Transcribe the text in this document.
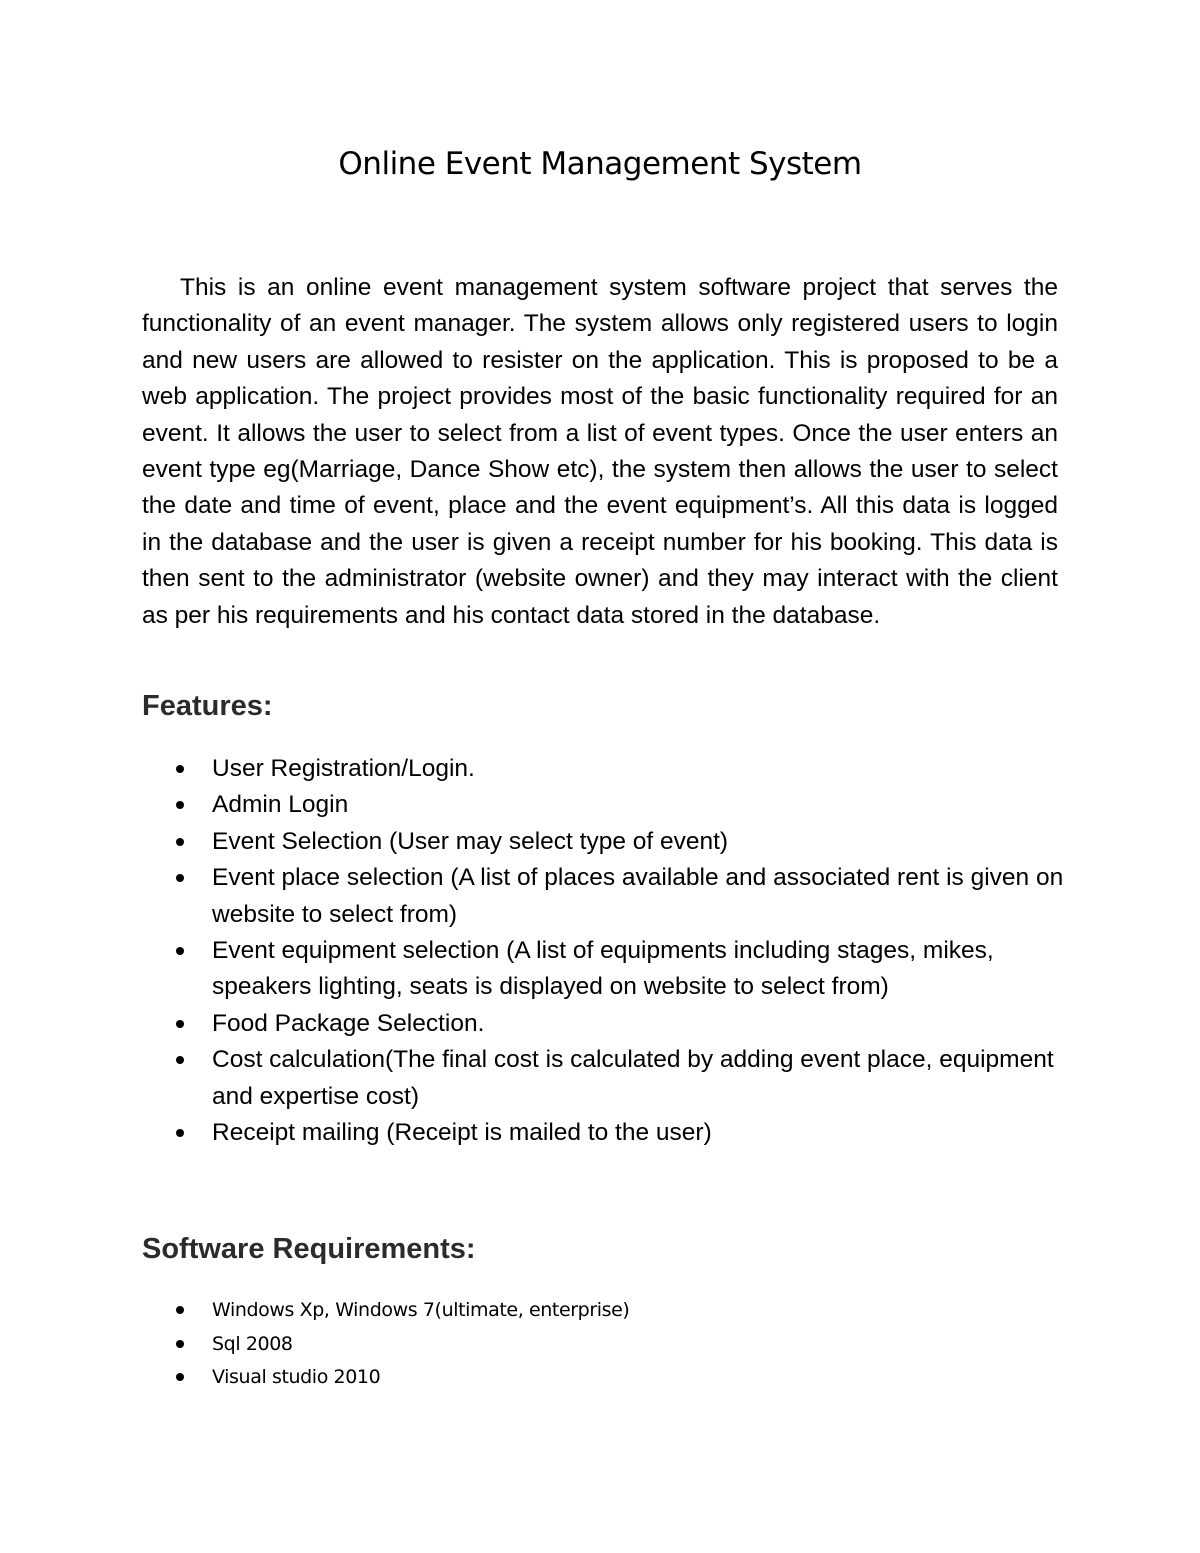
Online Event Management System

This is an online event management system software project that serves the functionality of an event manager. The system allows only registered users to login and new users are allowed to resister on the application. This is proposed to be a web application. The project provides most of the basic functionality required for an event. It allows the user to select from a list of event types. Once the user enters an event type eg(Marriage, Dance Show etc), the system then allows the user to select the date and time of event, place and the event equipment’s. All this data is logged in the database and the user is given a receipt number for his booking. This data is then sent to the administrator (website owner) and they may interact with the client as per his requirements and his contact data stored in the database.

Features:
User Registration/Login.
Admin Login
Event Selection (User may select type of event)
Event place selection (A list of places available and associated rent is given on website to select from)
Event equipment selection (A list of equipments including stages, mikes, speakers lighting, seats is displayed on website to select from)
Food Package Selection.
Cost calculation(The final cost is calculated by adding event place, equipment and expertise cost)
Receipt mailing (Receipt is mailed to the user)
Software Requirements:
Windows Xp, Windows 7(ultimate, enterprise)
Sql 2008
Visual studio 2010
